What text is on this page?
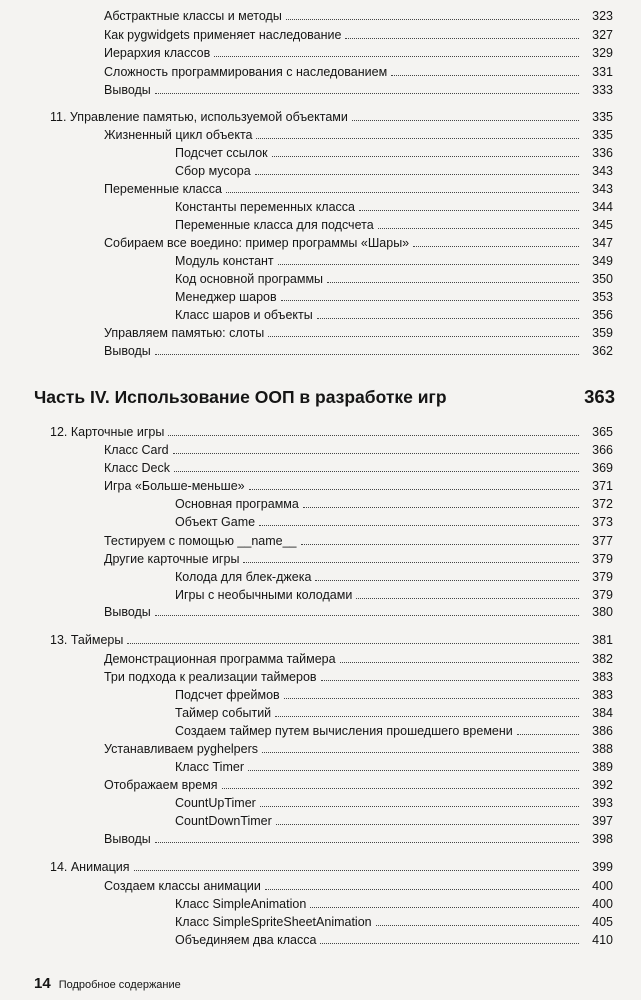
Абстрактные классы и методы	323
Как pygwidgets применяет наследование	327
Иерархия классов	329
Сложность программирования с наследованием	331
Выводы	333
11. Управление памятью, используемой объектами	335
Жизненный цикл объекта	335
Подсчет ссылок	336
Сбор мусора	343
Переменные класса	343
Константы переменных класса	344
Переменные класса для подсчета	345
Собираем все воедино: пример программы «Шары»	347
Модуль констант	349
Код основной программы	350
Менеджер шаров	353
Класс шаров и объекты	356
Управляем памятью: слоты	359
Выводы	362
Часть IV. Использование ООП в разработке игр	363
12. Карточные игры	365
Класс Card	366
Класс Deck	369
Игра «Больше-меньше»	371
Основная программа	372
Объект Game	373
Тестируем с помощью __name__	377
Другие карточные игры	379
Колода для блек-джека	379
Игры с необычными колодами	379
Выводы	380
13. Таймеры	381
Демонстрационная программа таймера	382
Три подхода к реализации таймеров	383
Подсчет фреймов	383
Таймер событий	384
Создаем таймер путем вычисления прошедшего времени	386
Устанавливаем pyghelpers	388
Класс Timer	389
Отображаем время	392
CountUpTimer	393
CountDownTimer	397
Выводы	398
14. Анимация	399
Создаем классы анимации	400
Класс SimpleAnimation	400
Класс SimpleSpriteSheetAnimation	405
Объединяем два класса	410
14 Подробное содержание
